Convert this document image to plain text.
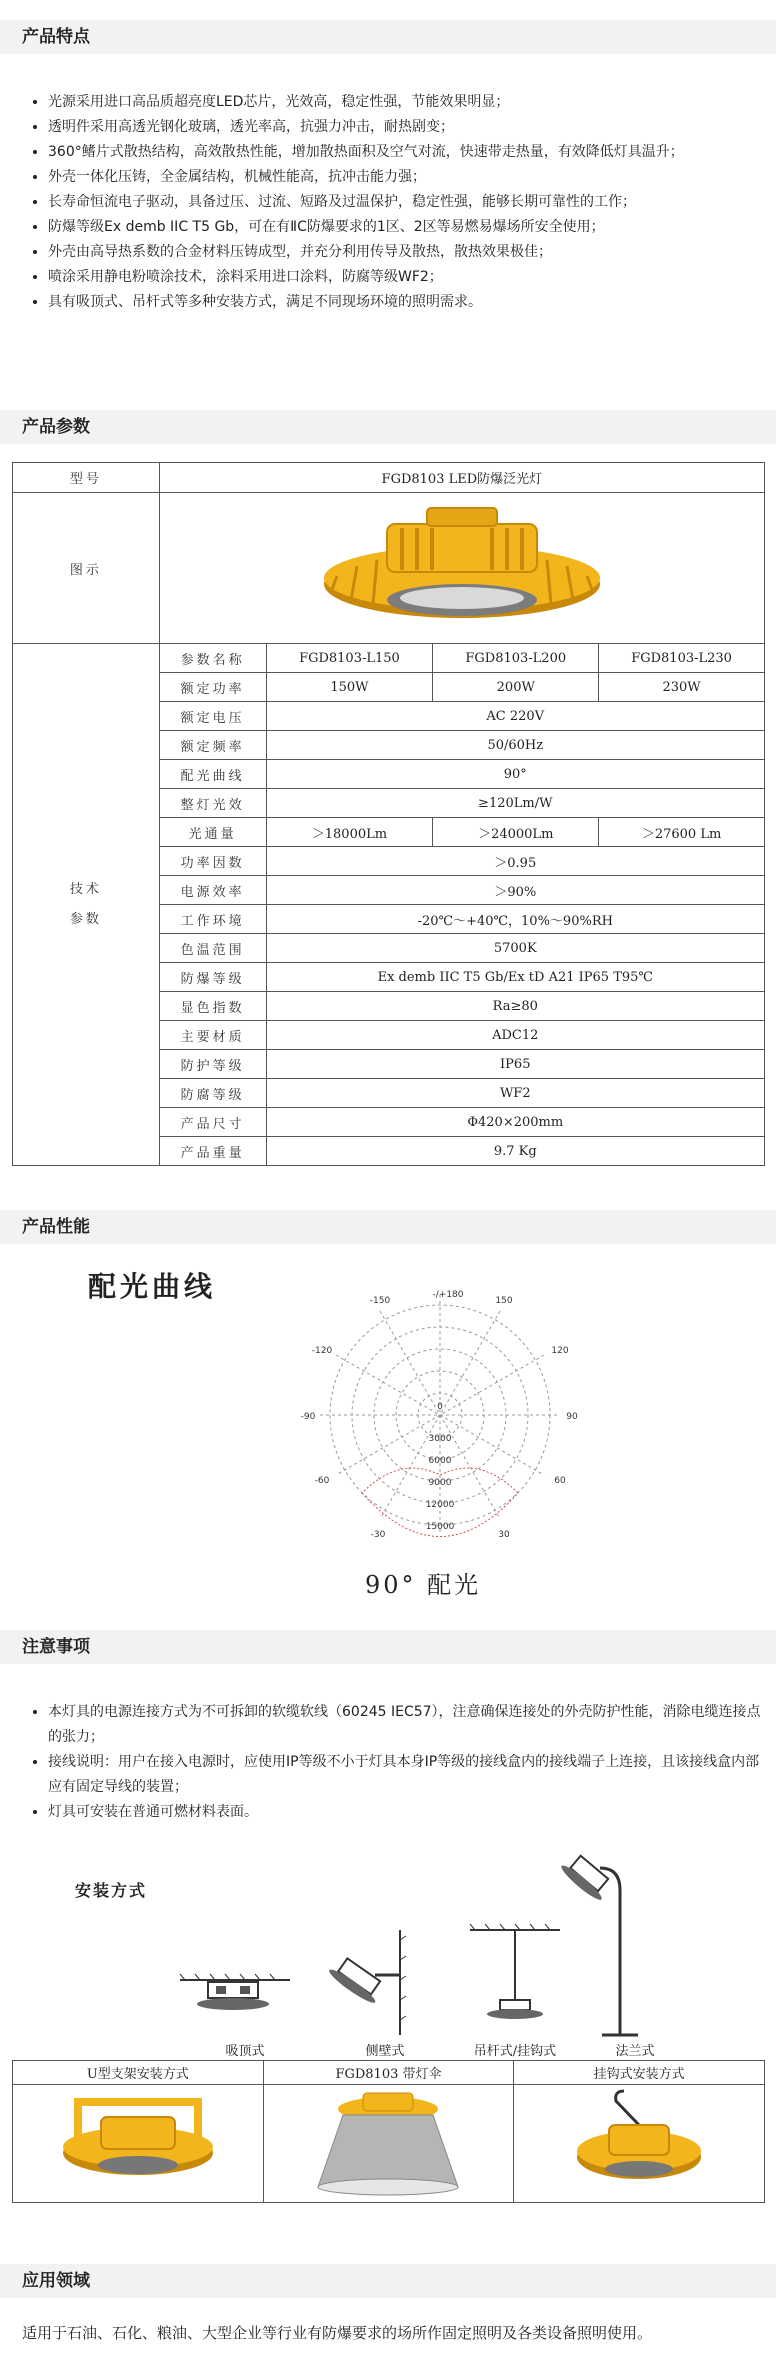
产品特点
• 光源采用进口高品质超亮度LED芯片，光效高，稳定性强，节能效果明显；
• 透明件采用高透光钢化玻璃，透光率高，抗强力冲击，耐热剧变；
• 360°鳍片式散热结构，高效散热性能，增加散热面积及空气对流，快速带走热量，有效降低灯具温升；
• 外壳一体化压铸，全金属结构，机械性能高，抗冲击能力强；
• 长寿命恒流电子驱动，具备过压、过流、短路及过温保护，稳定性强，能够长期可靠性的工作；
• 防爆等级Ex demb IIC T5 Gb，可在有ⅡC防爆要求的1区、2区等易燃易爆场所安全使用；
• 外壳由高导热系数的合金材料压铸成型，并充分利用传导及散热，散热效果极佳；
• 喷涂采用静电粉喷涂技术，涂料采用进口涂料，防腐等级WF2；
• 具有吸顶式、吊杆式等多种安装方式，满足不同现场环境的照明需求。
产品参数
型号	FGD8103 LED防爆泛光灯			
图示	

技术
参数	参数名称	FGD8103-L150	FGD8103-L200	FGD8103-L230
	额定功率	150W	200W	230W
	额定电压	AC 220V		
	额定频率	50/60Hz		
	配光曲线	90°		
	整灯光效	≥120Lm/W		
	光通量	＞18000Lm	＞24000Lm	＞27600 Lm
	功率因数	＞0.95		
	电源效率	＞90%		
	工作环境	-20℃～+40℃，10%～90%RH		
	色温范围	5700K		
	防爆等级	Ex demb IIC T5 Gb/Ex tD A21 IP65 T95℃		
	显色指数	Ra≥80		
	主要材质	ADC12		
	防护等级	IP65		
	防腐等级	WF2		
	产品尺寸	Φ420×200mm		
	产品重量	9.7 Kg		
产品性能
配光曲线	-/+180
-150	150
-120	120
-90	90
-60	60
-30	30
0
3000
6000
9000
12000
15000
90° 配光
注意事项
• 本灯具的电源连接方式为不可拆卸的软缆软线（60245 IEC57），注意确保连接处的外壳防护性能，消除电缆连接点的张力；
• 接线说明：用户在接入电源时，应使用IP等级不小于灯具本身IP等级的接线盒内的接线端子上连接，且该接线盒内部应有固定导线的装置；
• 灯具可安装在普通可燃材料表面。
安装方式
吸顶式	侧壁式	吊杆式/挂钩式	法兰式
U型支架安装方式	FGD8103 带灯伞	挂钩式安装方式

应用领域
适用于石油、石化、粮油、大型企业等行业有防爆要求的场所作固定照明及各类设备照明使用。
